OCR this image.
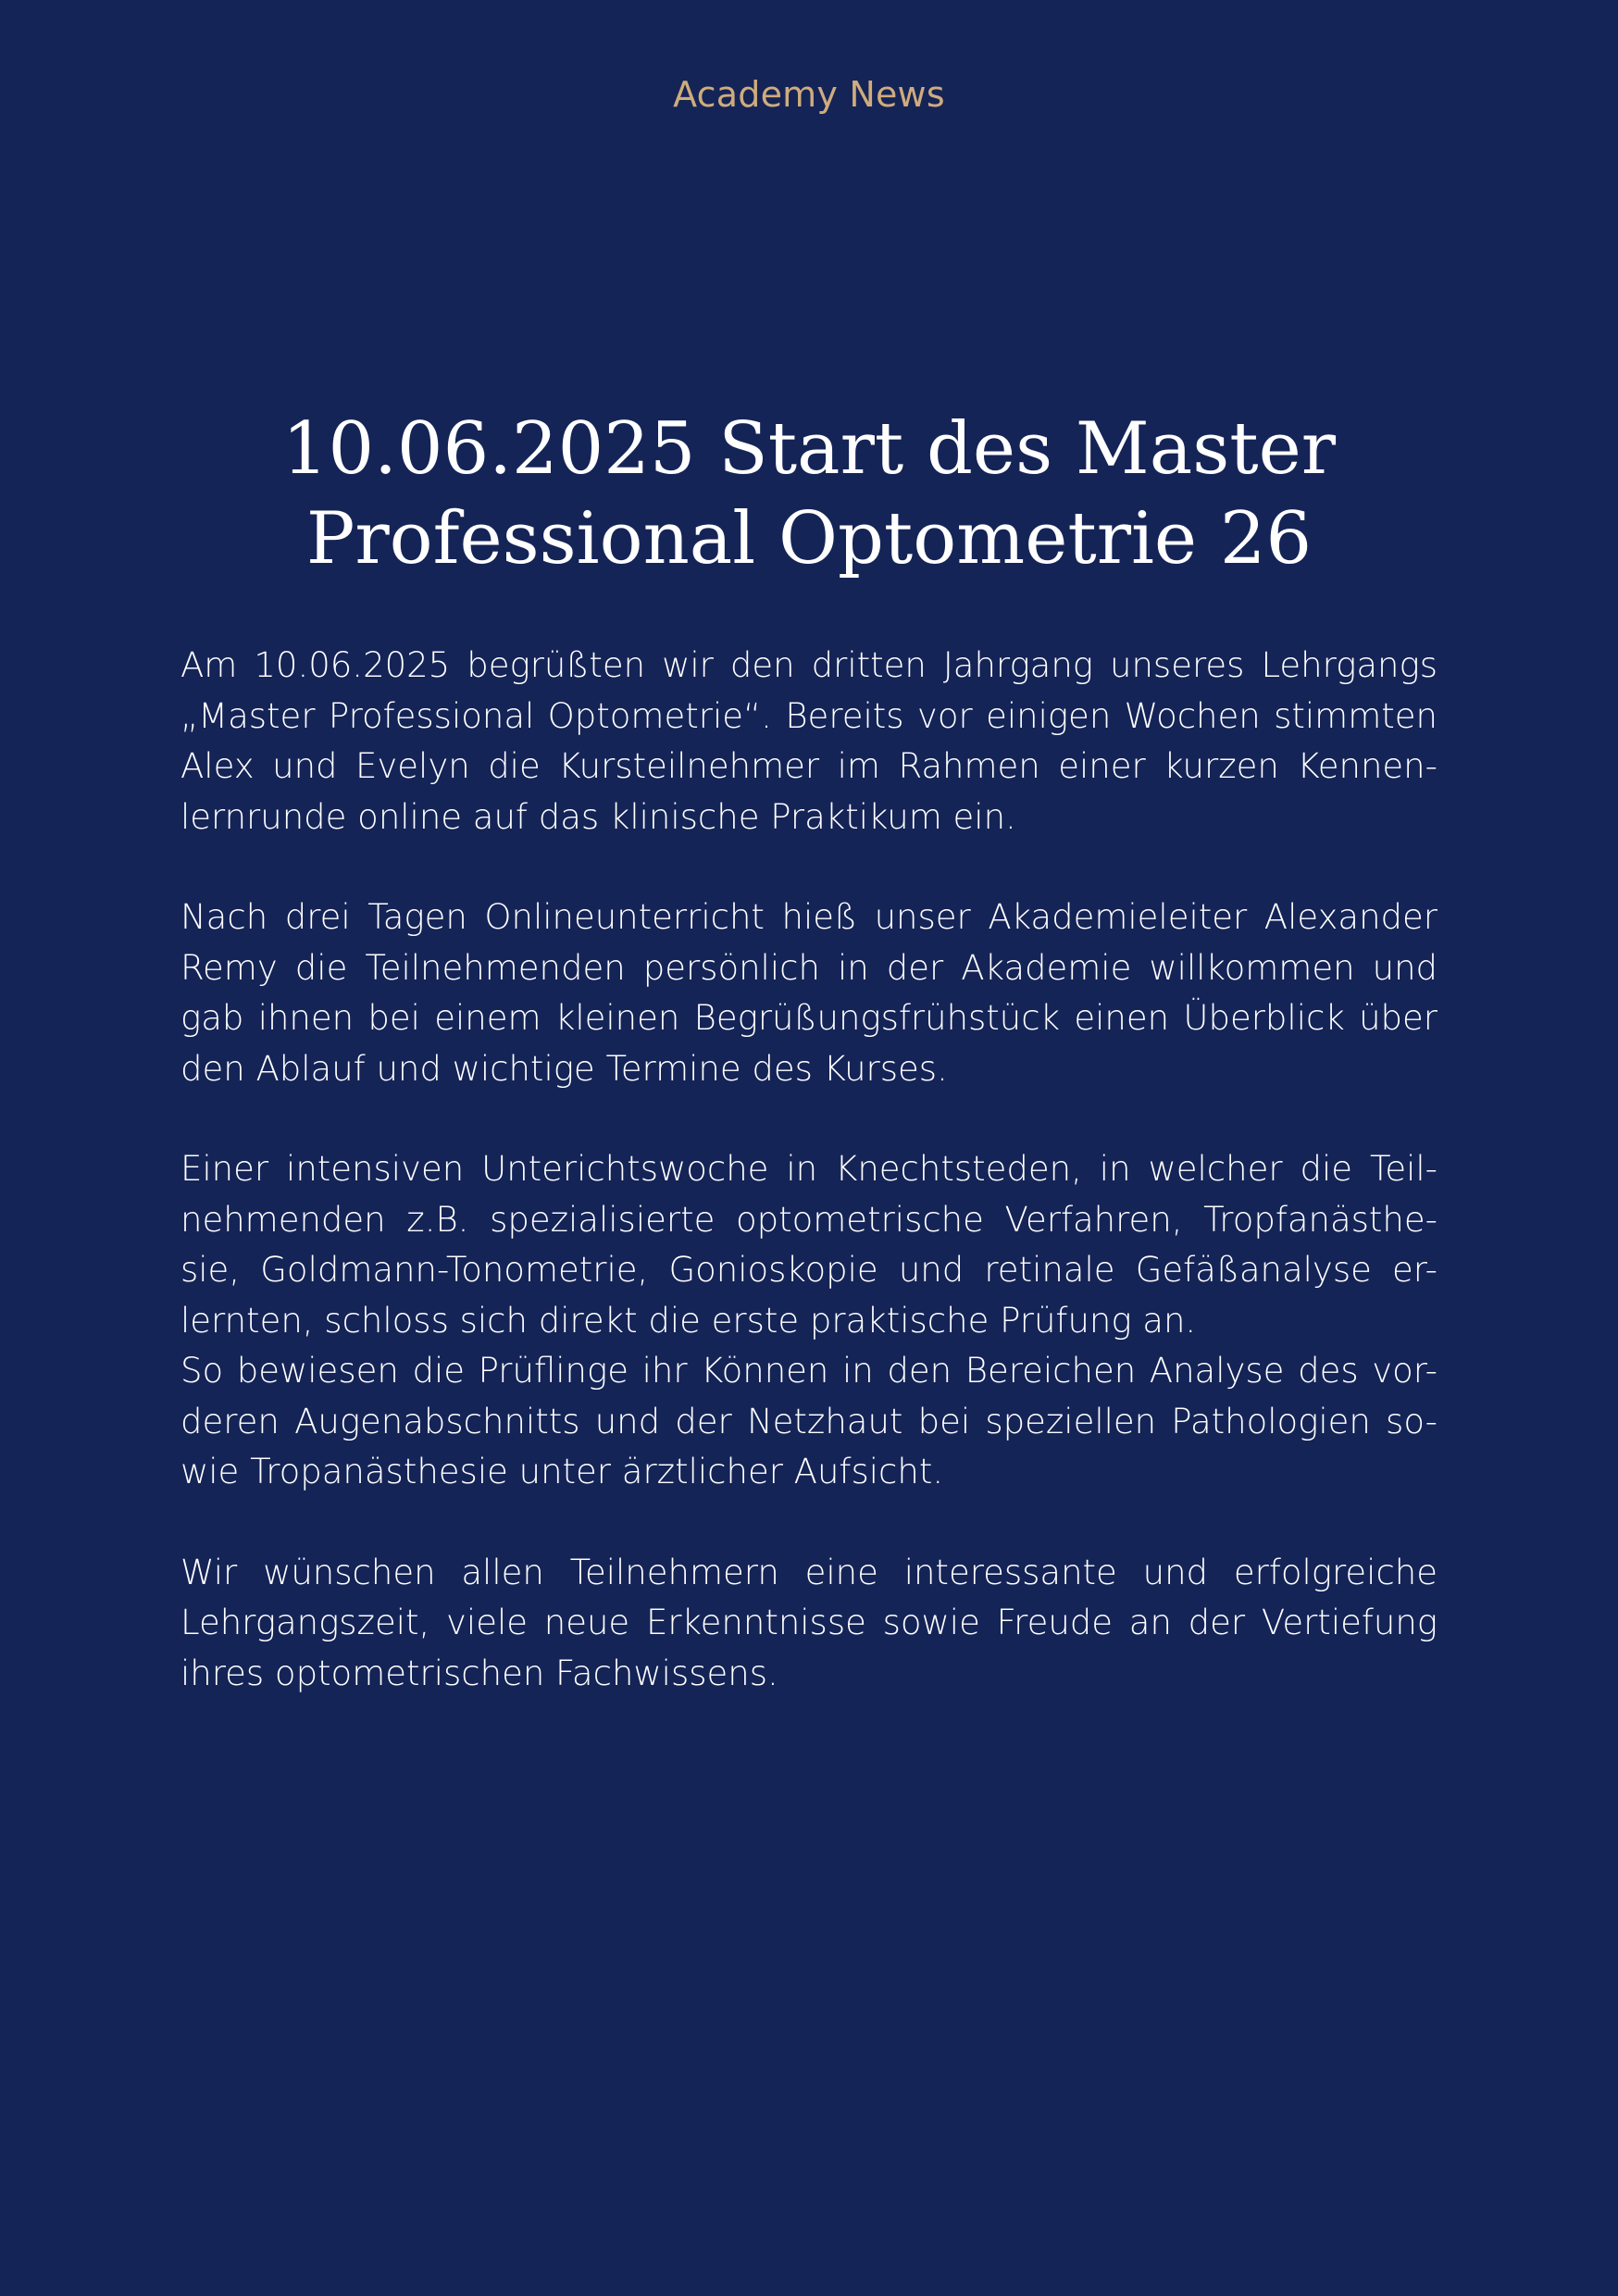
Academy News
10.06.2025 Start des Master
Professional Optometrie 26

Am 10.06.2025 begrüßten wir den dritten Jahrgang unseres Lehrgangs
„Master Professional Optometrie“. Bereits vor einigen Wochen stimmten
Alex und Evelyn die Kursteilnehmer im Rahmen einer kurzen Kennen-
lernrunde online auf das klinische Praktikum ein.

Nach drei Tagen Onlineunterricht hieß unser Akademieleiter Alexander
Remy die Teilnehmenden persönlich in der Akademie willkommen und
gab ihnen bei einem kleinen Begrüßungsfrühstück einen Überblick über
den Ablauf und wichtige Termine des Kurses.

Einer intensiven Unterichtswoche in Knechtsteden, in welcher die Teil-
nehmenden z.B. spezialisierte optometrische Verfahren, Tropfanästhe-
sie, Goldmann-Tonometrie, Gonioskopie und retinale Gefäßanalyse er-
lernten, schloss sich direkt die erste praktische Prüfung an.
So bewiesen die Prüflinge ihr Können in den Bereichen Analyse des vor-
deren Augenabschnitts und der Netzhaut bei speziellen Pathologien so-
wie Tropanästhesie unter ärztlicher Aufsicht.

Wir wünschen allen Teilnehmern eine interessante und erfolgreiche
Lehrgangszeit, viele neue Erkenntnisse sowie Freude an der Vertiefung
ihres optometrischen Fachwissens.
